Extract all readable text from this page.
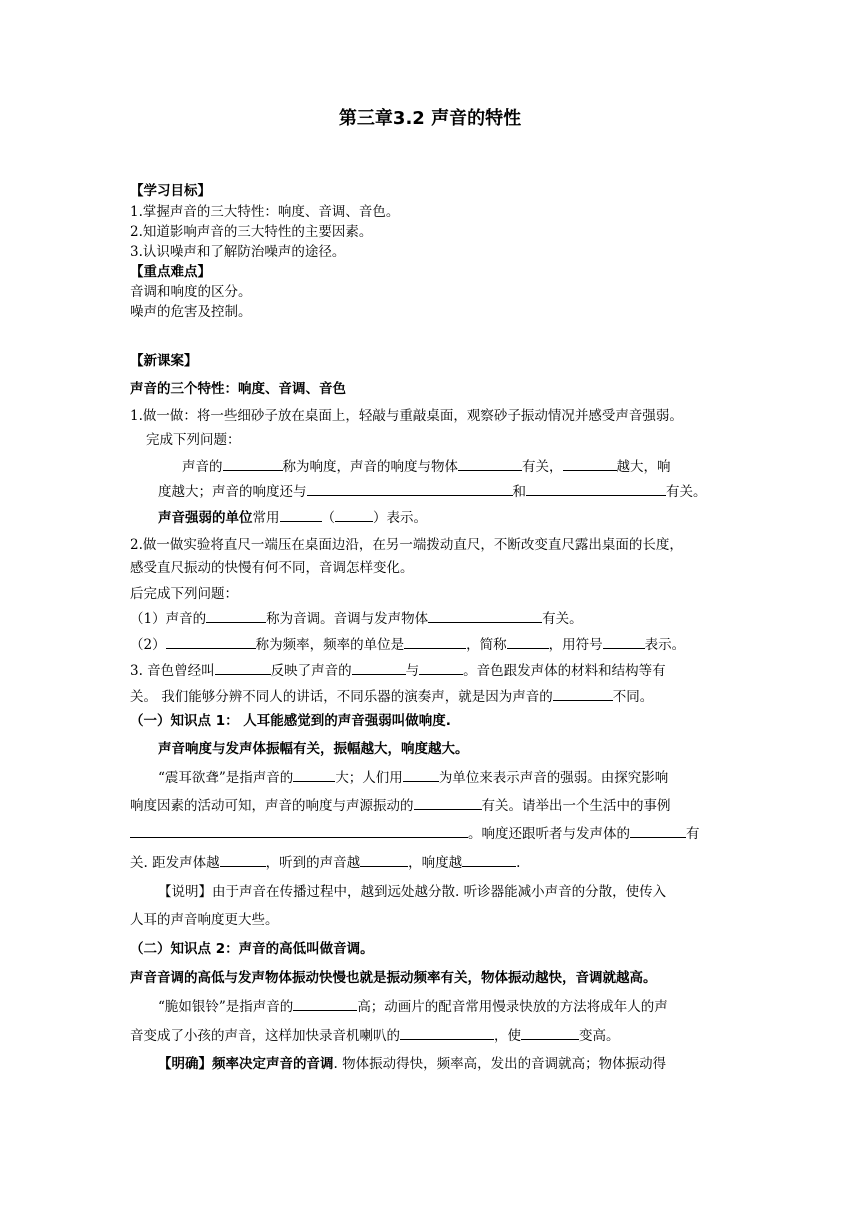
第三章3.2 声音的特性
【学习目标】
1.掌握声音的三大特性：响度、音调、音色。
2.知道影响声音的三大特性的主要因素。
3.认识噪声和了解防治噪声的途径。
【重点难点】
音调和响度的区分。
噪声的危害及控制。
【新课案】
声音的三个特性：响度、音调、音色
1.做一做：将一些细砂子放在桌面上，轻敲与重敲桌面，观察砂子振动情况并感受声音强弱。
完成下列问题：
声音的	称为响度，声音的响度与物体	有关，	越大，响
度越大；声音的响度还与	和	有关。
声音强弱的单位常用	（	）表示。
2.做一做实验将直尺一端压在桌面边沿，在另一端拨动直尺，不断改变直尺露出桌面的长度，
感受直尺振动的快慢有何不同，音调怎样变化。
后完成下列问题：
（1）声音的	称为音调。音调与发声物体	有关。
（2）	称为频率，频率的单位是	，简称	，用符号	表示。
3. 音色曾经叫	反映了声音的	与	。音色跟发声体的材料和结构等有
关。 我们能够分辨不同人的讲话，不同乐器的演奏声，就是因为声音的	不同。
（一）知识点 1： 人耳能感觉到的声音强弱叫做响度.
声音响度与发声体振幅有关，振幅越大，响度越大。
“震耳欲聋”是指声音的	大；人们用	为单位来表示声音的强弱。由探究影响
响度因素的活动可知，声音的响度与声源振动的	有关。请举出一个生活中的事例
。响度还跟听者与发声体的	有
关. 距发声体越	，听到的声音越	，响度越	.
【说明】由于声音在传播过程中，越到远处越分散. 听诊器能减小声音的分散，使传入
人耳的声音响度更大些。
（二）知识点 2：声音的高低叫做音调。
声音音调的高低与发声物体振动快慢也就是振动频率有关，物体振动越快，音调就越高。
“脆如银铃”是指声音的	高；动画片的配音常用慢录快放的方法将成年人的声
音变成了小孩的声音，这样加快录音机喇叭的	，使	变高。
【明确】频率决定声音的音调. 物体振动得快，频率高，发出的音调就高；物体振动得
